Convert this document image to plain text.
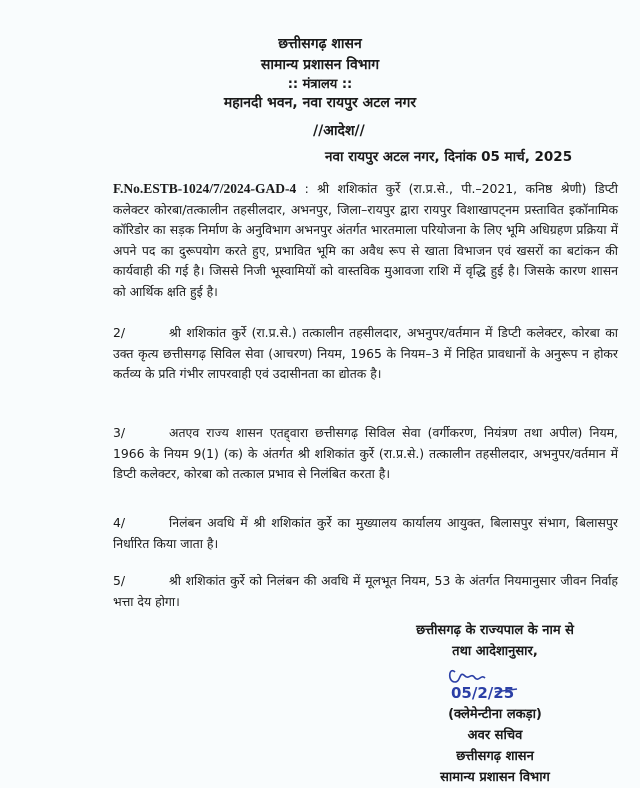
छत्तीसगढ़ शासन
सामान्य प्रशासन विभाग
:: मंत्रालय ::
महानदी भवन, नवा रायपुर अटल नगर
//आदेश//
नवा रायपुर अटल नगर, दिनांक 05 मार्च, 2025

F.No.ESTB-1024/7/2024-GAD-4 : श्री शशिकांत कुर्रे (रा.प्र.से., पी.–2021, कनिष्ठ श्रेणी) डिप्टी कलेक्टर कोरबा/तत्कालीन तहसीलदार, अभनपुर, जिला–रायपुर द्वारा रायपुर विशाखापट्नम प्रस्तावित इकॉनामिक कॉरिडोर का सड़क निर्माण के अनुविभाग अभनपुर अंतर्गत भारतमाला परियोजना के लिए भूमि अधिग्रहण प्रक्रिया में अपने पद का दुरूपयोग करते हुए, प्रभावित भूमि का अवैध रूप से खाता विभाजन एवं खसरों का बटांकन की कार्यवाही की गई है। जिससे निजी भूस्वामियों को वास्तविक मुआवजा राशि में वृद्धि हुई है। जिसके कारण शासन को आर्थिक क्षति हुई है।

2/	श्री शशिकांत कुर्रे (रा.प्र.से.) तत्कालीन तहसीलदार, अभनुपर/वर्तमान में डिप्टी कलेक्टर, कोरबा का उक्त कृत्य छत्तीसगढ़ सिविल सेवा (आचरण) नियम, 1965 के नियम–3 में निहित प्रावधानों के अनुरूप न होकर कर्तव्य के प्रति गंभीर लापरवाही एवं उदासीनता का द्योतक है।

3/	अतएव राज्य शासन एतद्द्वारा छत्तीसगढ़ सिविल सेवा (वर्गीकरण, नियंत्रण तथा अपील) नियम, 1966 के नियम 9(1) (क) के अंतर्गत श्री शशिकांत कुर्रे (रा.प्र.से.) तत्कालीन तहसीलदार, अभनुपर/वर्तमान में डिप्टी कलेक्टर, कोरबा को तत्काल प्रभाव से निलंबित करता है।

4/	निलंबन अवधि में श्री शशिकांत कुर्रे का मुख्यालय कार्यालय आयुक्त, बिलासपुर संभाग, बिलासपुर निर्धारित किया जाता है।

5/	श्री शशिकांत कुर्रे को निलंबन की अवधि में मूलभूत नियम, 53 के अंतर्गत नियमानुसार जीवन निर्वाह भत्ता देय होगा।

छत्तीसगढ़ के राज्यपाल के नाम से
तथा आदेशानुसार,
05/2/25
(क्लेमेन्टीना लकड़ा)
अवर सचिव
छत्तीसगढ़ शासन
सामान्य प्रशासन विभाग
